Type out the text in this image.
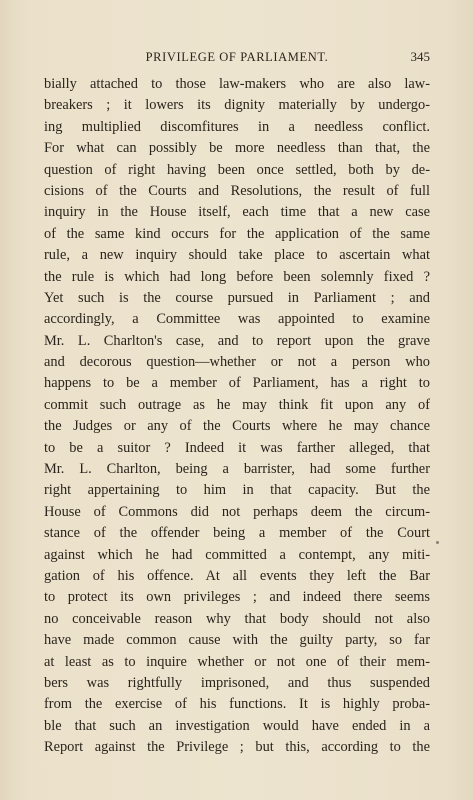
PRIVILEGE OF PARLIAMENT.	345
bially attached to those law-makers who are also law-
breakers ; it lowers its dignity materially by undergo-
ing multiplied discomfitures in a needless conflict.
For what can possibly be more needless than that, the
question of right having been once settled, both by de-
cisions of the Courts and Resolutions, the result of full
inquiry in the House itself, each time that a new case
of the same kind occurs for the application of the same
rule, a new inquiry should take place to ascertain what
the rule is which had long before been solemnly fixed ?
Yet such is the course pursued in Parliament ; and
accordingly, a Committee was appointed to examine
Mr. L. Charlton's case, and to report upon the grave
and decorous question—whether or not a person who
happens to be a member of Parliament, has a right to
commit such outrage as he may think fit upon any of
the Judges or any of the Courts where he may chance
to be a suitor ? Indeed it was farther alleged, that
Mr. L. Charlton, being a barrister, had some further
right appertaining to him in that capacity. But the
House of Commons did not perhaps deem the circum-
stance of the offender being a member of the Court
against which he had committed a contempt, any miti-
gation of his offence. At all events they left the Bar
to protect its own privileges ; and indeed there seems
no conceivable reason why that body should not also
have made common cause with the guilty party, so far
at least as to inquire whether or not one of their mem-
bers was rightfully imprisoned, and thus suspended
from the exercise of his functions. It is highly proba-
ble that such an investigation would have ended in a
Report against the Privilege ; but this, according to the
